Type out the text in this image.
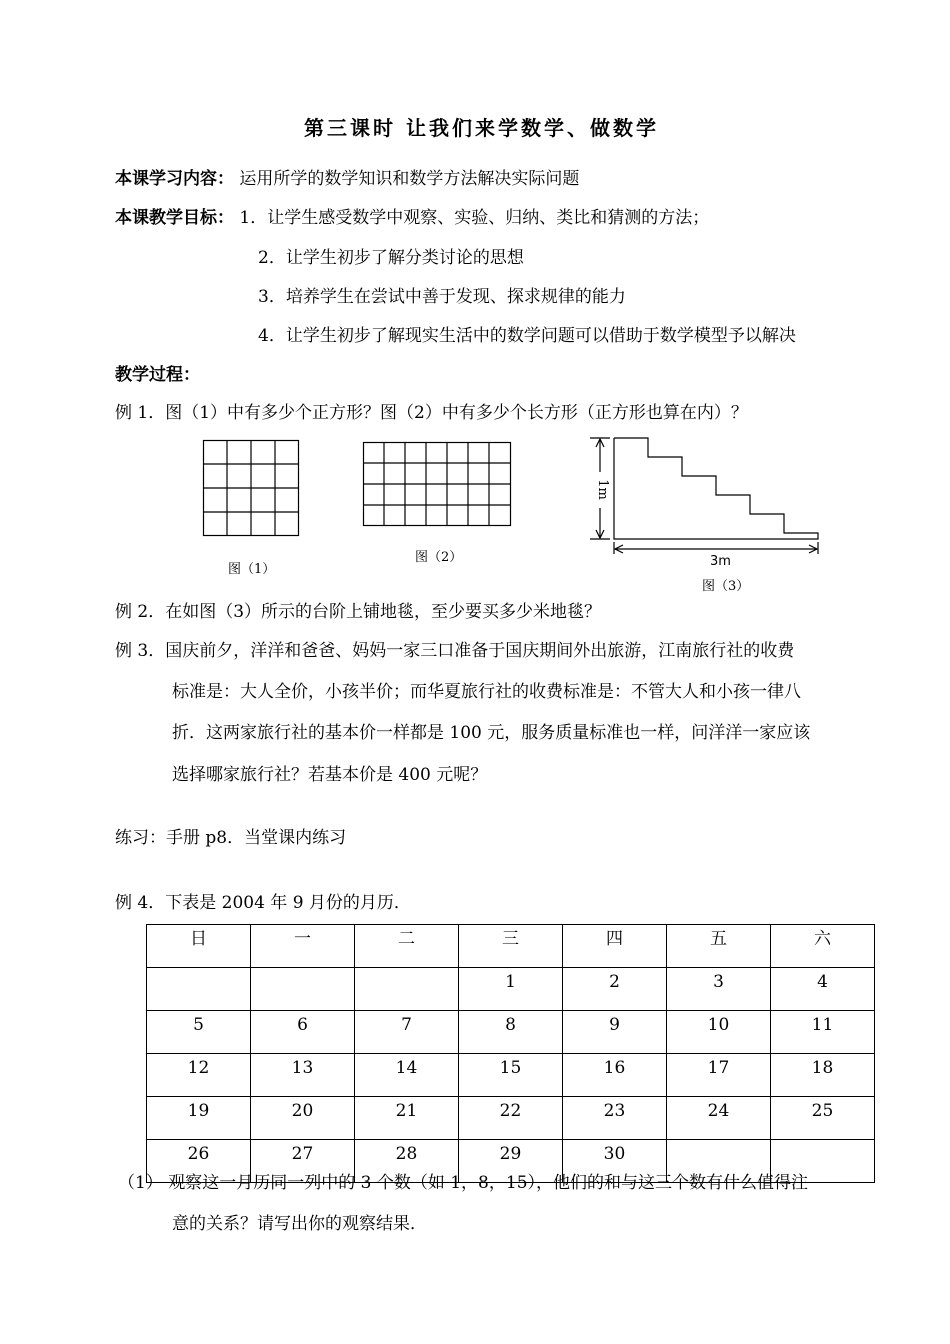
第三课时 让我们来学数学、做数学
本课学习内容： 运用所学的数学知识和数学方法解决实际问题
本课教学目标： 1．让学生感受数学中观察、实验、归纳、类比和猜测的方法；
2．让学生初步了解分类讨论的思想
3．培养学生在尝试中善于发现、探求规律的能力
4．让学生初步了解现实生活中的数学问题可以借助于数学模型予以解决
教学过程：
例 1．图（1）中有多少个正方形？图（2）中有多少个长方形（正方形也算在内）？
图（1）
图（2）
1m
3m
图（3）
例 2．在如图（3）所示的台阶上铺地毯，至少要买多少米地毯？
例 3．国庆前夕，洋洋和爸爸、妈妈一家三口准备于国庆期间外出旅游，江南旅行社的收费
标准是：大人全价，小孩半价；而华夏旅行社的收费标准是：不管大人和小孩一律八
折．这两家旅行社的基本价一样都是 100 元，服务质量标准也一样，问洋洋一家应该
选择哪家旅行社？若基本价是 400 元呢？
练习：手册 p8．当堂课内练习
例 4．下表是 2004 年 9 月份的月历．
日	一	二	三	四	五	六
			1	2	3	4
5	6	7	8	9	10	11
12	13	14	15	16	17	18
19	20	21	22	23	24	25
26	27	28	29	30		
（1） 观察这一月历同一列中的 3 个数（如 1，8，15），他们的和与这三个数有什么值得注
意的关系？请写出你的观察结果．
